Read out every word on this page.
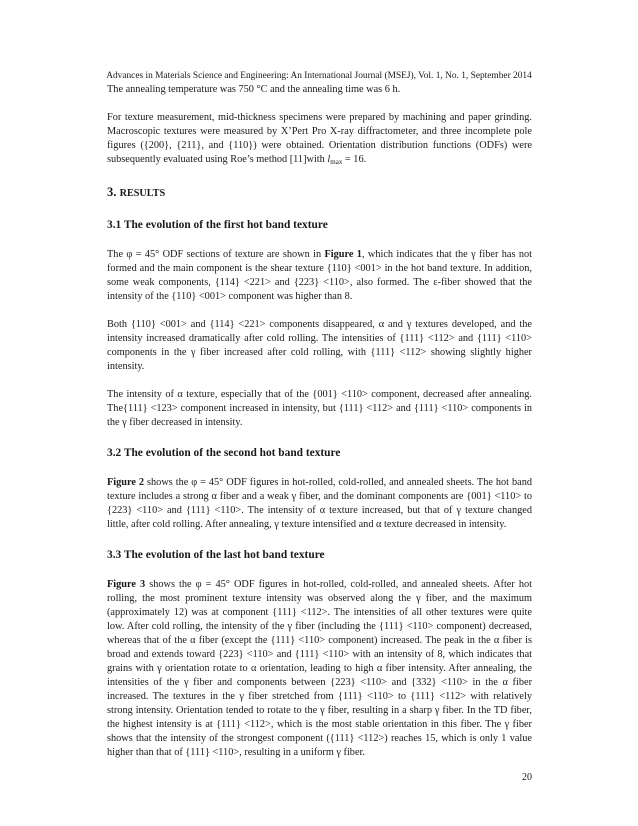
Advances in Materials Science and Engineering: An International Journal (MSEJ), Vol. 1, No. 1, September 2014

The annealing temperature was 750 °C and the annealing time was 6 h.

For texture measurement, mid-thickness specimens were prepared by machining and paper grinding. Macroscopic textures were measured by X’Pert Pro X-ray diffractometer, and three incomplete pole figures ({200}, {211}, and {110}) were obtained. Orientation distribution functions (ODFs) were subsequently evaluated using Roe’s method [11]with $l_{max} = 16$.

3. RESULTS
3.1 The evolution of the first hot band texture

The φ = 45° ODF sections of texture are shown in Figure 1, which indicates that the γ fiber has not formed and the main component is the shear texture {110} <001> in the hot band texture. In addition, some weak components, {114} <221> and {223} <110>, also formed. The ε-fiber showed that the intensity of the {110} <001> component was higher than 8.

Both {110} <001> and {114} <221> components disappeared, α and γ textures developed, and the intensity increased dramatically after cold rolling. The intensities of {111} <112> and {111} <110> components in the γ fiber increased after cold rolling, with {111} <112> showing slightly higher intensity.

The intensity of α texture, especially that of the {001} <110> component, decreased after annealing. The{111} <123> component increased in intensity, but {111} <112> and {111} <110> components in the γ fiber decreased in intensity.

3.2 The evolution of the second hot band texture

Figure 2 shows the φ = 45° ODF figures in hot-rolled, cold-rolled, and annealed sheets. The hot band texture includes a strong α fiber and a weak γ fiber, and the dominant components are {001} <110> to {223} <110> and {111} <110>. The intensity of α texture increased, but that of γ texture changed little, after cold rolling. After annealing, γ texture intensified and α texture decreased in intensity.

3.3 The evolution of the last hot band texture

Figure 3 shows the φ = 45° ODF figures in hot-rolled, cold-rolled, and annealed sheets. After hot rolling, the most prominent texture intensity was observed along the γ fiber, and the maximum (approximately 12) was at component {111} <112>. The intensities of all other textures were quite low. After cold rolling, the intensity of the γ fiber (including the {111} <110> component) decreased, whereas that of the α fiber (except the {111} <110> component) increased. The peak in the α fiber is broad and extends toward {223} <110> and {111} <110> with an intensity of 8, which indicates that grains with γ orientation rotate to α orientation, leading to high α fiber intensity. After annealing, the intensities of the γ fiber and components between {223} <110> and {332} <110> in the α fiber increased. The textures in the γ fiber stretched from {111} <110> to {111} <112> with relatively strong intensity. Orientation tended to rotate to the γ fiber, resulting in a sharp γ fiber. In the TD fiber, the highest intensity is at {111} <112>, which is the most stable orientation in this fiber. The γ fiber shows that the intensity of the strongest component ({111} <112>) reaches 15, which is only 1 value higher than that of {111} <110>, resulting in a uniform γ fiber.

20
